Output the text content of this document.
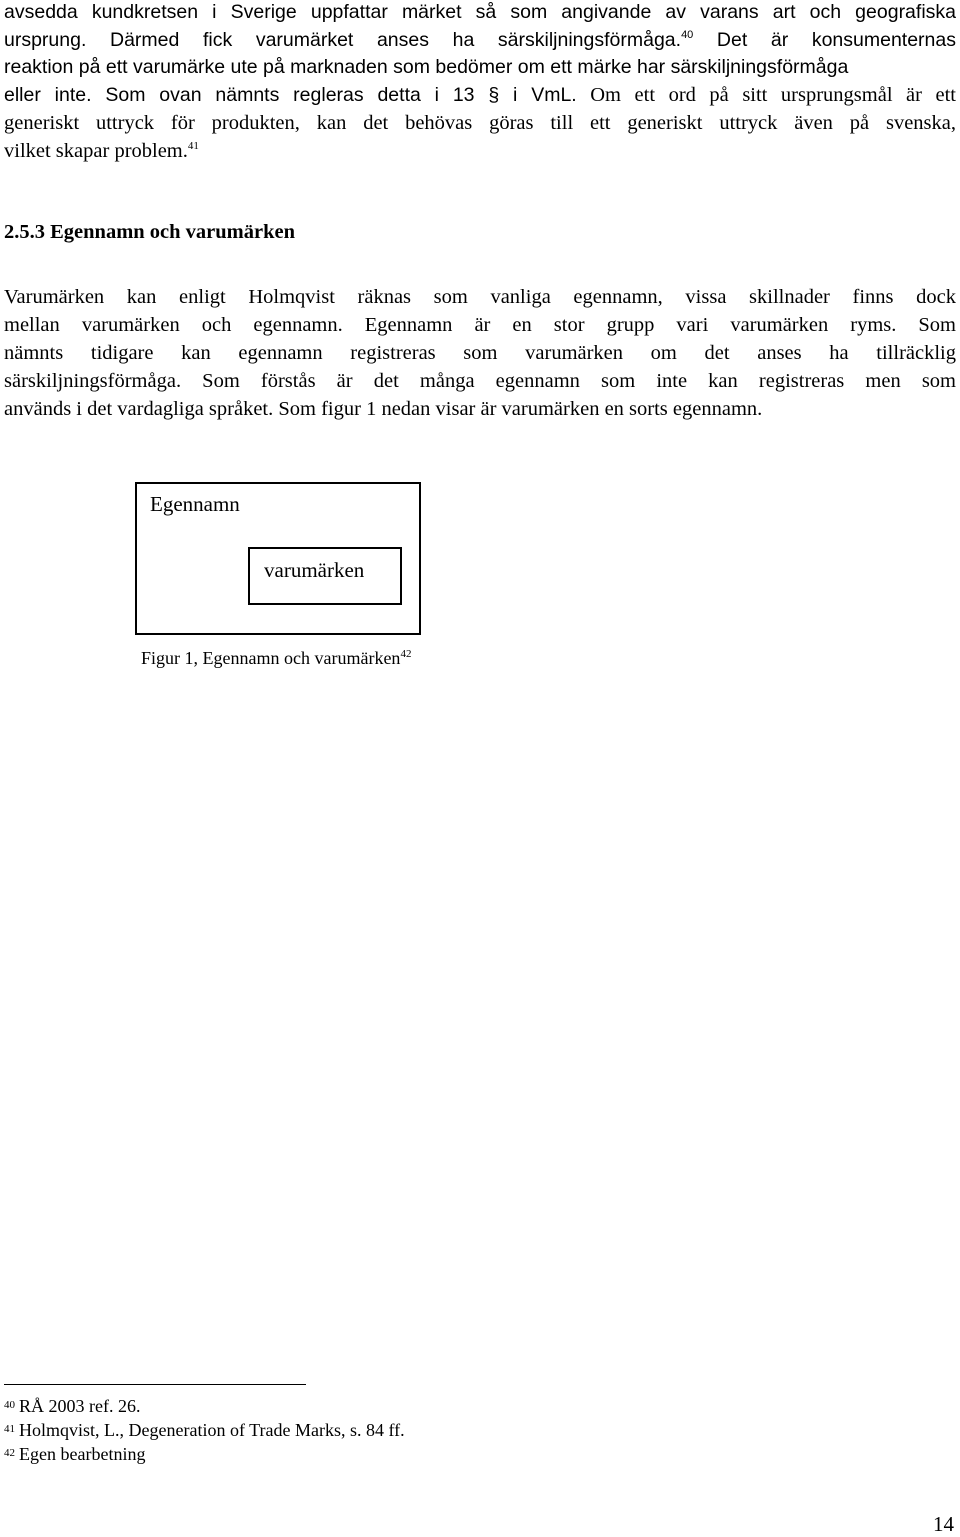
avsedda kundkretsen i Sverige uppfattar märket så som angivande av varans art och geografiska
ursprung. Därmed fick varumärket anses ha särskiljningsförmåga.$^{40}$ Det är konsumenternas
reaktion på ett varumärke ute på marknaden som bedömer om ett märke har särskiljningsförmåga
eller inte. Som ovan nämnts regleras detta i 13 § i VmL. Om ett ord på sitt ursprungsmål är ett
generiskt uttryck för produkten, kan det behövas göras till ett generiskt uttryck även på svenska,
vilket skapar problem.$^{41}$
2.5.3 Egennamn och varumärken
Varumärken kan enligt Holmqvist räknas som vanliga egennamn, vissa skillnader finns dock
mellan varumärken och egennamn. Egennamn är en stor grupp vari varumärken ryms. Som
nämnts tidigare kan egennamn registreras som varumärken om det anses ha tillräcklig
särskiljningsförmåga. Som förstås är det många egennamn som inte kan registreras men som
används i det vardagliga språket. Som figur 1 nedan visar är varumärken en sorts egennamn.
Egennamn
varumärken
Figur 1, Egennamn och varumärken$^{42}$
$^{40}$ RÅ 2003 ref. 26.
$^{41}$ Holmqvist, L., Degeneration of Trade Marks, s. 84 ff.
$^{42}$ Egen bearbetning
14
